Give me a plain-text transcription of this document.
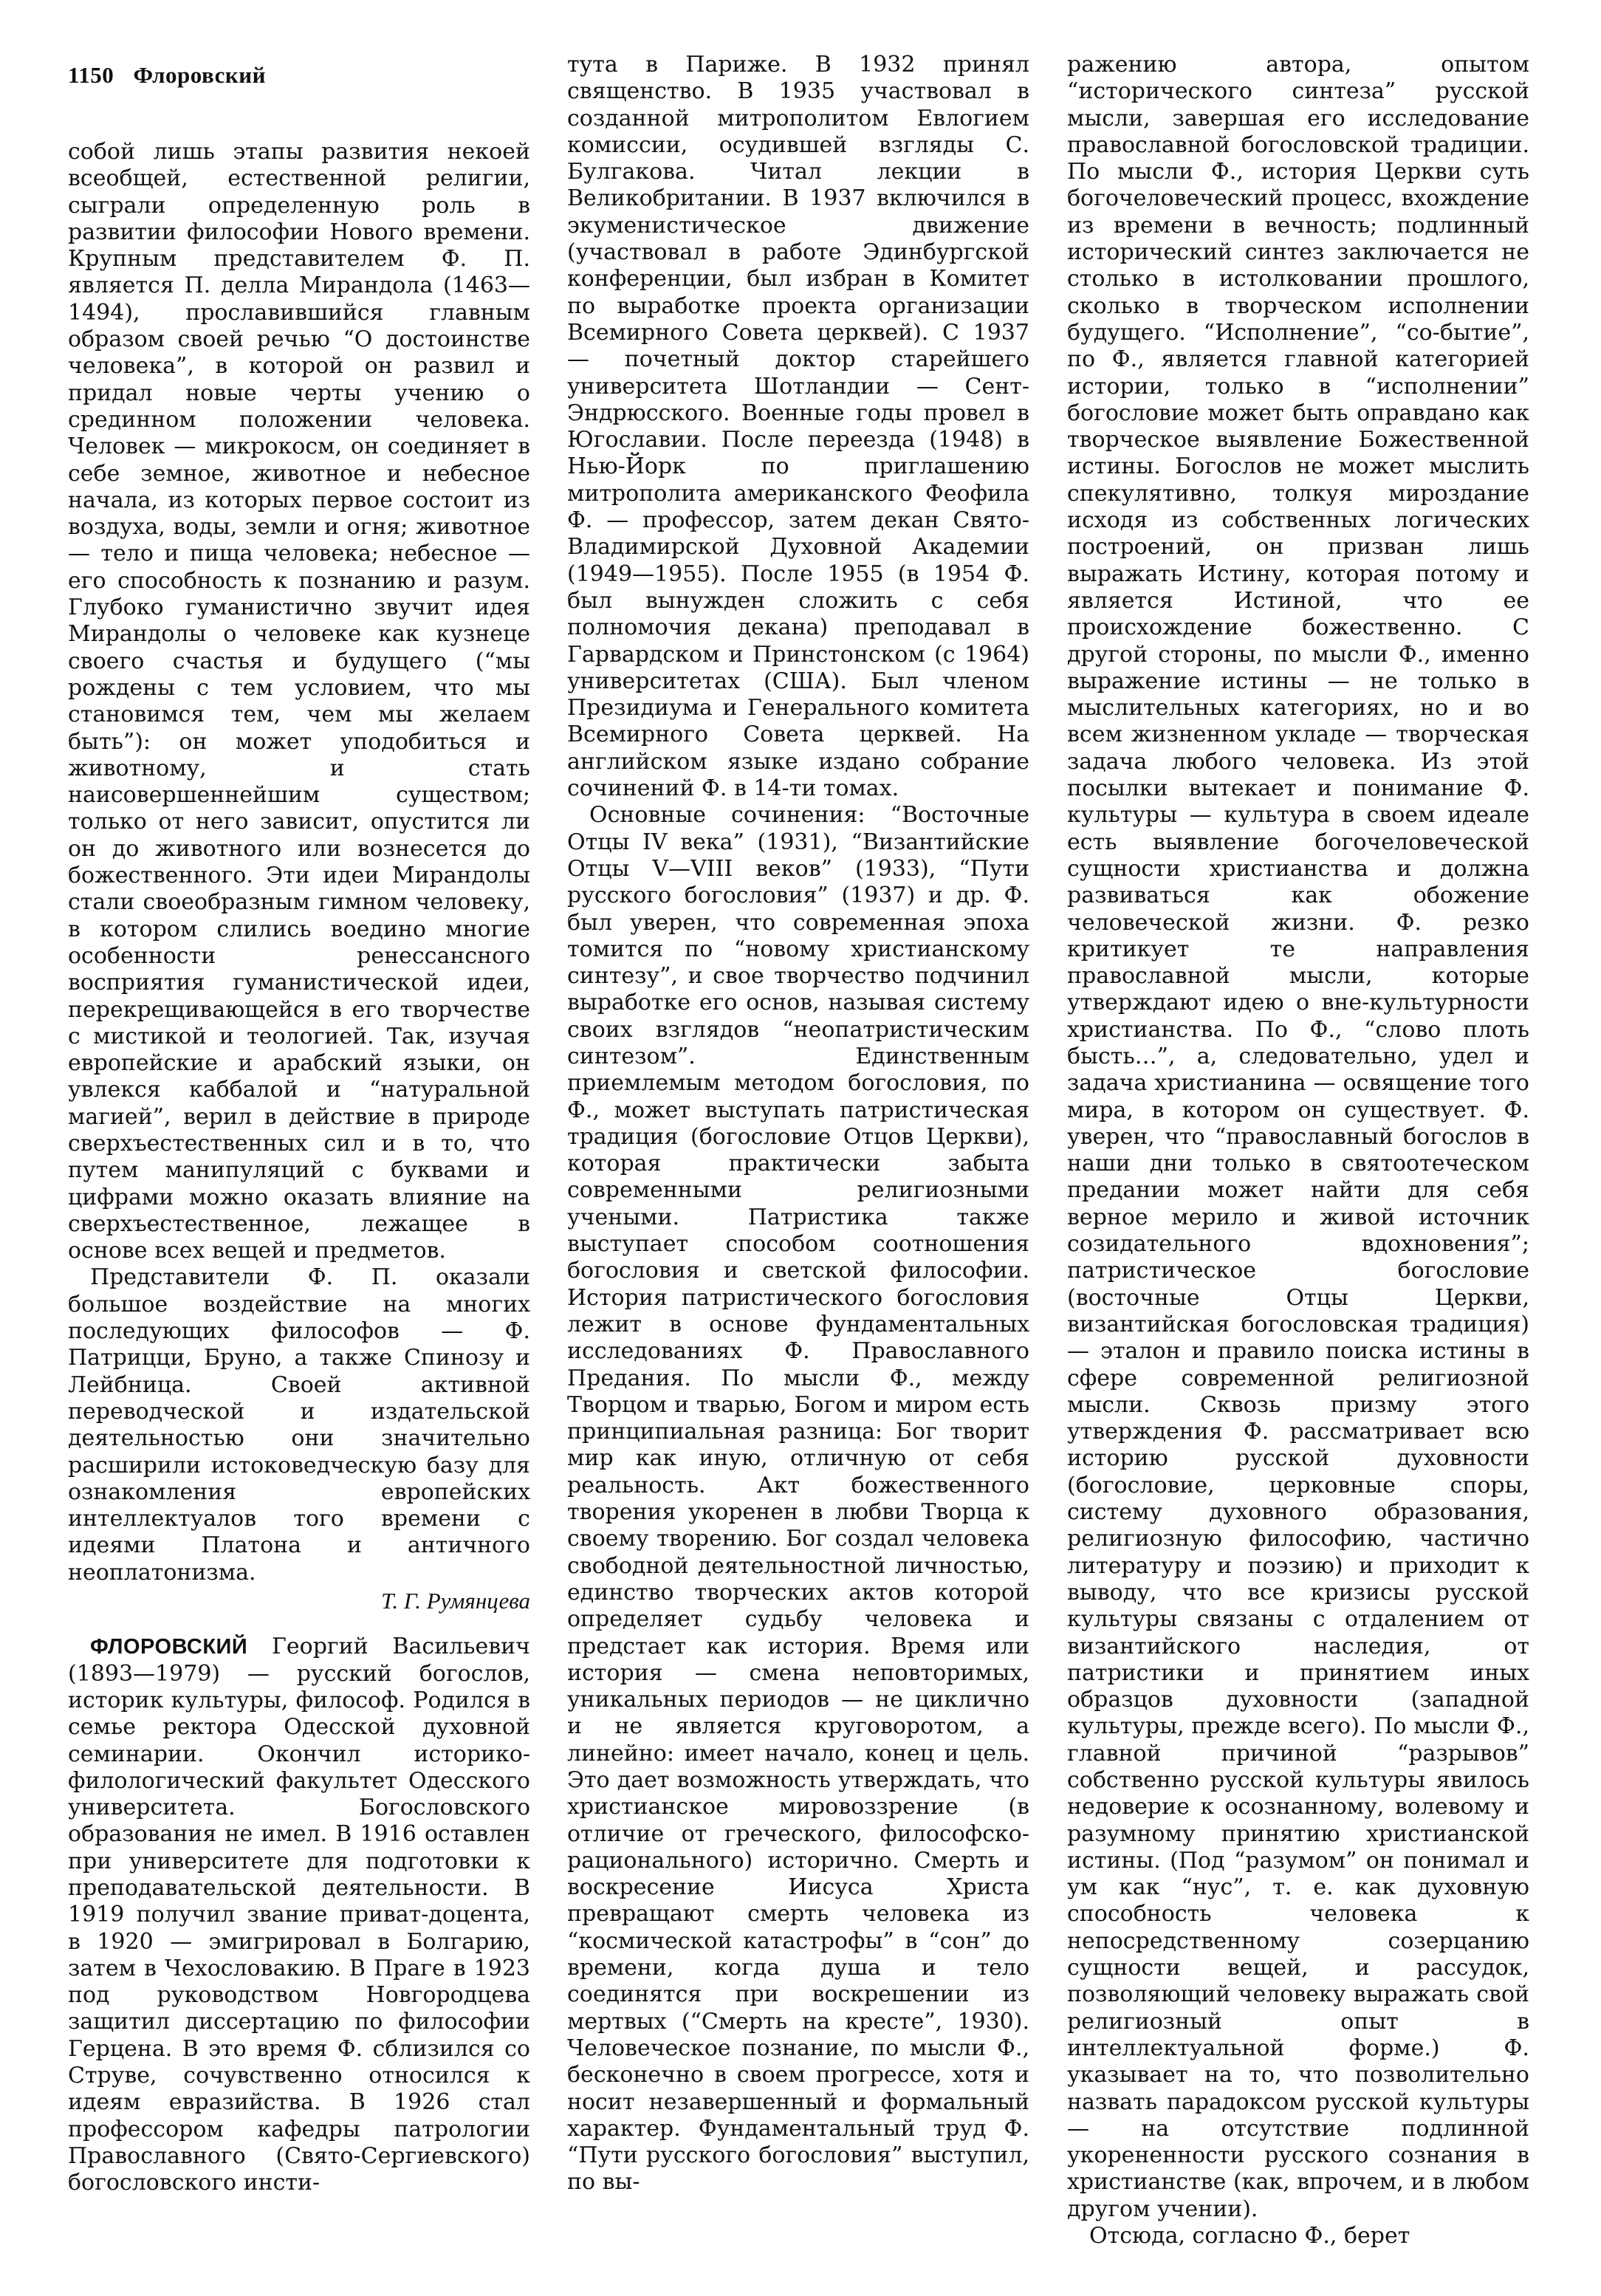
1150 Флоровский

собой лишь этапы развития некоей всеобщей, естественной религии, сыграли определенную роль в развитии философии Нового времени. Крупным представителем Ф. П. является П. делла Мирандола (1463—1494), прославившийся главным образом своей речью “О достоинстве человека”, в которой он развил и придал новые черты учению о срединном положении человека. Человек — микрокосм, он соединяет в себе земное, животное и небесное начала, из которых первое состоит из воздуха, воды, земли и огня; животное — тело и пища человека; небесное — его способность к познанию и разум. Глубоко гуманистично звучит идея Мирандолы о человеке как кузнеце своего счастья и будущего (“мы рождены с тем условием, что мы становимся тем, чем мы желаем быть”): он может уподобиться и животному, и стать наисовершеннейшим существом; только от него зависит, опустится ли он до животного или вознесется до божественного. Эти идеи Мирандолы стали своеобразным гимном человеку, в котором слились воедино многие особенности ренессансного восприятия гуманистической идеи, перекрещивающейся в его творчестве с мистикой и теологией. Так, изучая европейские и арабский языки, он увлекся каббалой и “натуральной магией”, верил в действие в природе сверхъестественных сил и в то, что путем манипуляций с буквами и цифрами можно оказать влияние на сверхъестественное, лежащее в основе всех вещей и предметов.

Представители Ф. П. оказали большое воздействие на многих последующих философов — Ф. Патрицци, Бруно, а также Спинозу и Лейбница. Своей активной переводческой и издательской деятельностью они значительно расширили истоковедческую базу для ознакомления европейских интеллектуалов того времени с идеями Платона и античного неоплатонизма.

Т. Г. Румянцева

ФЛОРОВСКИЙ Георгий Васильевич (1893—1979) — русский богослов, историк культуры, философ. Родился в семье ректора Одесской духовной семинарии. Окончил историко-филологический факультет Одесского университета. Богословского образования не имел. В 1916 оставлен при университете для подготовки к преподавательской деятельности. В 1919 получил звание приват-доцента, в 1920 — эмигрировал в Болгарию, затем в Чехословакию. В Праге в 1923 под руководством Новгородцева защитил диссертацию по философии Герцена. В это время Ф. сблизился со Струве, сочувственно относился к идеям евразийства. В 1926 стал профессором кафедры патрологии Православного (Свято-Сергиевского) богословского инсти-

тута в Париже. В 1932 принял священство. В 1935 участвовал в созданной митрополитом Евлогием комиссии, осудившей взгляды С. Булгакова. Читал лекции в Великобритании. В 1937 включился в экуменистическое движение (участвовал в работе Эдинбургской конференции, был избран в Комитет по выработке проекта организации Всемирного Совета церквей). С 1937 — почетный доктор старейшего университета Шотландии — Сент-Эндрюсского. Военные годы провел в Югославии. После переезда (1948) в Нью-Йорк по приглашению митрополита американского Феофила Ф. — профессор, затем декан Свято-Владимирской Духовной Академии (1949—1955). После 1955 (в 1954 Ф. был вынужден сложить с себя полномочия декана) преподавал в Гарвардском и Принстонском (с 1964) университетах (США). Был членом Президиума и Генерального комитета Всемирного Совета церквей. На английском языке издано собрание сочинений Ф. в 14-ти томах.

Основные сочинения: “Восточные Отцы IV века” (1931), “Византийские Отцы V—VIII веков” (1933), “Пути русского богословия” (1937) и др. Ф. был уверен, что современная эпоха томится по “новому христианскому синтезу”, и свое творчество подчинил выработке его основ, называя систему своих взглядов “неопатристическим синтезом”. Единственным приемлемым методом богословия, по Ф., может выступать патристическая традиция (богословие Отцов Церкви), которая практически забыта современными религиозными учеными. Патристика также выступает способом соотношения богословия и светской философии. История патристического богословия лежит в основе фундаментальных исследованиях Ф. Православного Предания. По мысли Ф., между Творцом и тварью, Богом и миром есть принципиальная разница: Бог творит мир как иную, отличную от себя реальность. Акт божественного творения укоренен в любви Творца к своему творению. Бог создал человека свободной деятельностной личностью, единство творческих актов которой определяет судьбу человека и предстает как история. Время или история — смена неповторимых, уникальных периодов — не циклично и не является круговоротом, а линейно: имеет начало, конец и цель. Это дает возможность утверждать, что христианское мировоззрение (в отличие от греческого, философско-рационального) исторично. Смерть и воскресение Иисуса Христа превращают смерть человека из “космической катастрофы” в “сон” до времени, когда душа и тело соединятся при воскрешении из мертвых (“Смерть на кресте”, 1930). Человеческое познание, по мысли Ф., бесконечно в своем прогрессе, хотя и носит незавершенный и формальный характер. Фундаментальный труд Ф. “Пути русского богословия” выступил, по вы-

ражению автора, опытом “исторического синтеза” русской мысли, завершая его исследование православной богословской традиции. По мысли Ф., история Церкви суть богочеловеческий процесс, вхождение из времени в вечность; подлинный исторический синтез заключается не столько в истолковании прошлого, сколько в творческом исполнении будущего. “Исполнение”, “со-бытие”, по Ф., является главной категорией истории, только в “исполнении” богословие может быть оправдано как творческое выявление Божественной истины. Богослов не может мыслить спекулятивно, толкуя мироздание исходя из собственных логических построений, он призван лишь выражать Истину, которая потому и является Истиной, что ее происхождение божественно. С другой стороны, по мысли Ф., именно выражение истины — не только в мыслительных категориях, но и во всем жизненном укладе — творческая задача любого человека. Из этой посылки вытекает и понимание Ф. культуры — культура в своем идеале есть выявление богочеловеческой сущности христианства и должна развиваться как обожение человеческой жизни. Ф. резко критикует те направления православной мысли, которые утверждают идею о вне-культурности христианства. По Ф., “слово плоть бысть…”, а, следовательно, удел и задача христианина — освящение того мира, в котором он существует. Ф. уверен, что “православный богослов в наши дни только в святоотеческом предании может найти для себя верное мерило и живой источник созидательного вдохновения”; патристическое богословие (восточные Отцы Церкви, византийская богословская традиция) — эталон и правило поиска истины в сфере современной религиозной мысли. Сквозь призму этого утверждения Ф. рассматривает всю историю русской духовности (богословие, церковные споры, систему духовного образования, религиозную философию, частично литературу и поэзию) и приходит к выводу, что все кризисы русской культуры связаны с отдалением от византийского наследия, от патристики и принятием иных образцов духовности (западной культуры, прежде всего). По мысли Ф., главной причиной “разрывов” собственно русской культуры явилось недоверие к осознанному, волевому и разумному принятию христианской истины. (Под “разумом” он понимал и ум как “нус”, т. е. как духовную способность человека к непосредственному созерцанию сущности вещей, и рассудок, позволяющий человеку выражать свой религиозный опыт в интеллектуальной форме.) Ф. указывает на то, что позволительно назвать парадоксом русской культуры — на отсутствие подлинной укорененности русского сознания в христианстве (как, впрочем, и в любом другом учении).

Отсюда, согласно Ф., берет
